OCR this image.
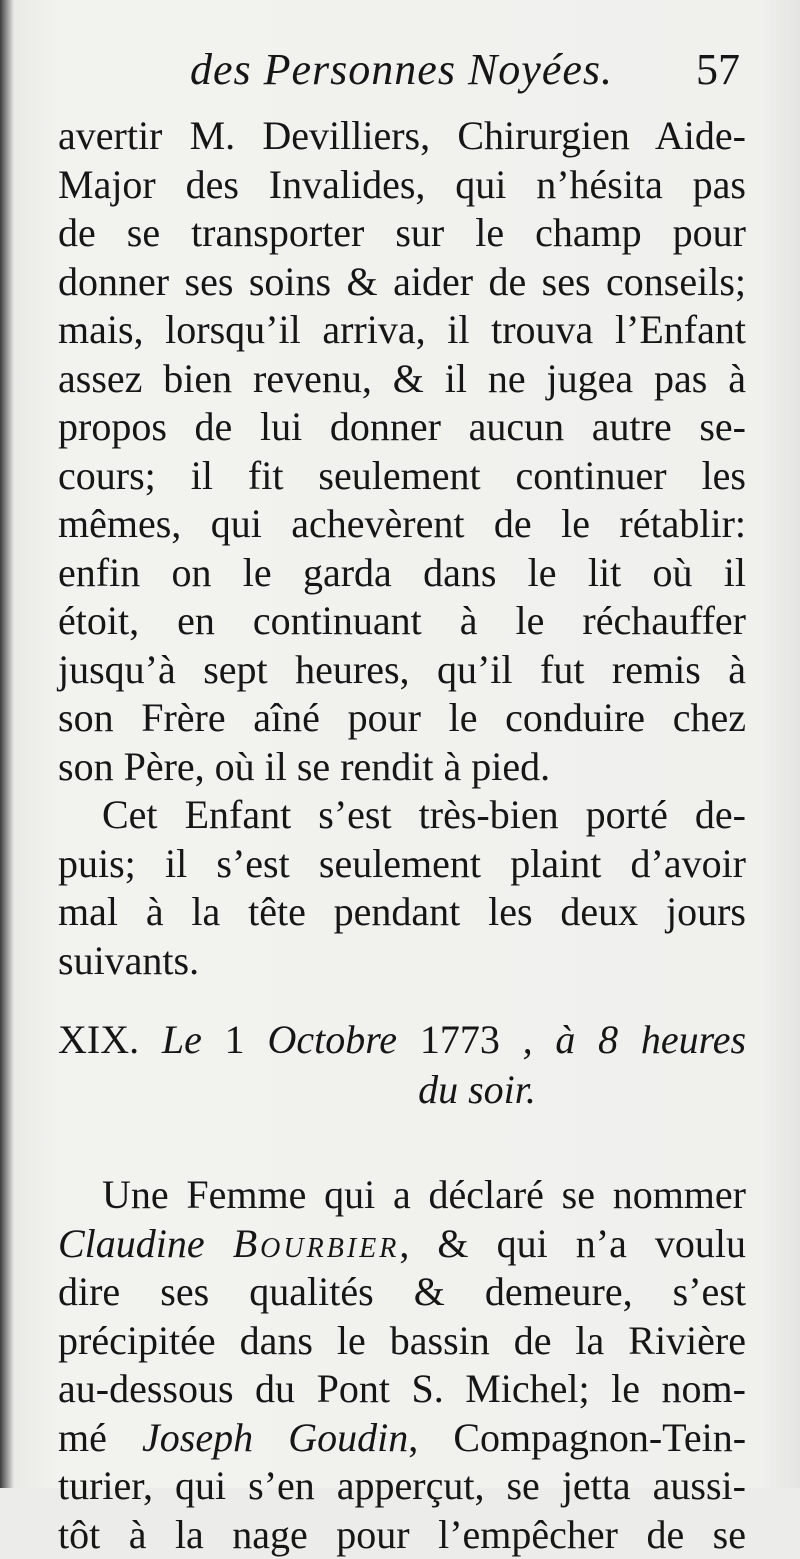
des Personnes Noyées. 57
avertir M. Devilliers, Chirurgien Aide-
Major des Invalides, qui n’hésita pas
de se transporter sur le champ pour
donner ses soins & aider de ses conseils;
mais, lorsqu’il arriva, il trouva l’Enfant
assez bien revenu, & il ne jugea pas à
propos de lui donner aucun autre se-
cours; il fit seulement continuer les
mêmes, qui achevèrent de le rétablir:
enfin on le garda dans le lit où il
étoit, en continuant à le réchauffer
jusqu’à sept heures, qu’il fut remis à
son Frère aîné pour le conduire chez
son Père, où il se rendit à pied.
Cet Enfant s’est très-bien porté de-
puis; il s’est seulement plaint d’avoir
mal à la tête pendant les deux jours
suivants.
XIX. Le 1 Octobre 1773 , à 8 heures
du soir.
Une Femme qui a déclaré se nommer
Claudine Bourbier, & qui n’a voulu
dire ses qualités & demeure, s’est
précipitée dans le bassin de la Rivière
au-dessous du Pont S. Michel; le nom-
mé Joseph Goudin, Compagnon-Tein-
turier, qui s’en apperçut, se jetta aussi-
tôt à la nage pour l’empêcher de se
